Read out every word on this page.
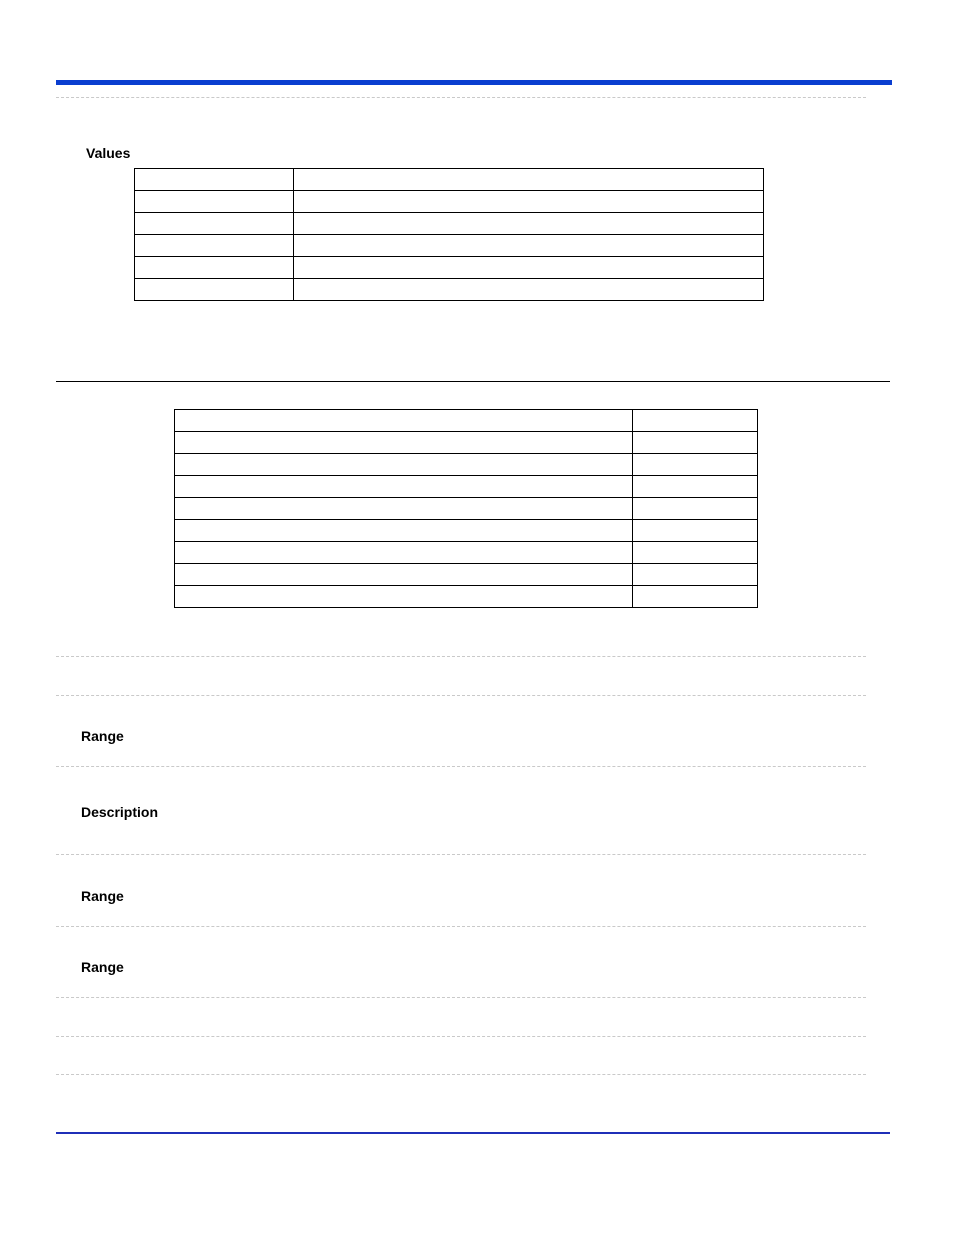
Values

Range
Description
Range
Range
